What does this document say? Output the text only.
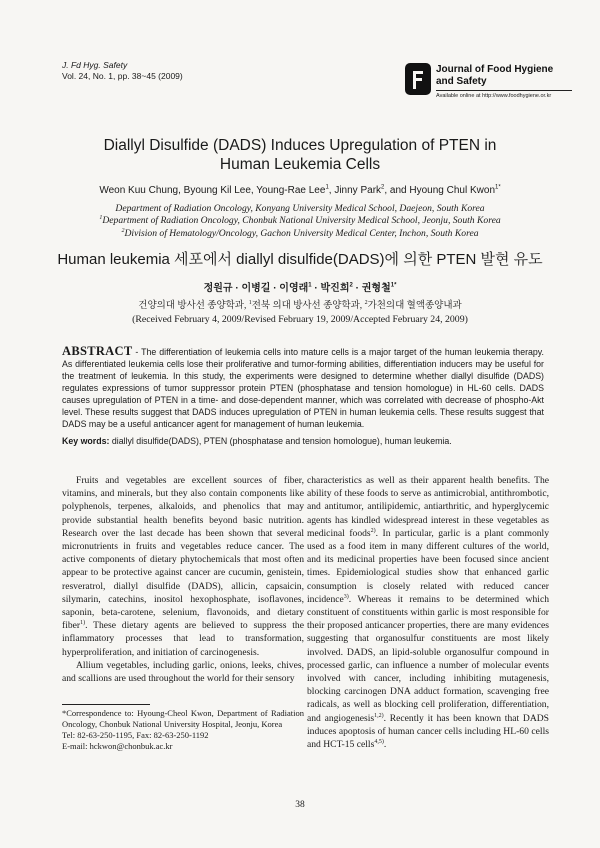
J. Fd Hyg. Safety
Vol. 24, No. 1, pp. 38~45 (2009)
Journal of Food Hygiene
and Safety
Available online at http://www.foodhygiene.or.kr
Diallyl Disulfide (DADS) Induces Upregulation of PTEN in
Human Leukemia Cells
Weon Kuu Chung, Byoung Kil Lee, Young-Rae Lee$^1$, Jinny Park$^2$, and Hyoung Chul Kwon$^{1*}$
Department of Radiation Oncology, Konyang University Medical School, Daejeon, South Korea
$^1$Department of Radiation Oncology, Chonbuk National University Medical School, Jeonju, South Korea
$^2$Division of Hematology/Oncology, Gachon University Medical Center, Inchon, South Korea
Human leukemia 세포에서 diallyl disulfide(DADS)에 의한 PTEN 발현 유도
정원규 · 이병길 · 이영래$^1$ · 박진희$^2$ · 권형철$^{1*}$
건양의대 방사선 종양학과, $^1$전북 의대 방사선 종양학과, $^2$가천의대 혈액종양내과
(Received February 4, 2009/Revised February 19, 2009/Accepted February 24, 2009)
ABSTRACT - The differentiation of leukemia cells into mature cells is a major target of the human leukemia therapy. As differentiated leukemia cells lose their proliferative and tumor-forming abilities, differentiation inducers may be useful for the treatment of leukemia. In this study, the experiments were designed to determine whether diallyl disulfide (DADS) regulates expressions of tumor suppressor protein PTEN (phosphatase and tension homologue) in HL-60 cells. DADS causes upregulation of PTEN in a time- and dose-dependent manner, which was correlated with decrease of phospho-Akt level. These results suggest that DADS induces upregulation of PTEN in human leukemia cells. These results suggest that DADS may be a useful anticancer agent for management of human leukemia.
Key words: diallyl disulfide(DADS), PTEN (phosphatase and tension homologue), human leukemia.

Fruits and vegetables are excellent sources of fiber, vitamins, and minerals, but they also contain components like polyphenols, terpenes, alkaloids, and phenolics that may provide substantial health benefits beyond basic nutrition. Research over the last decade has been shown that several micronutrients in fruits and vegetables reduce cancer. The active components of dietary phytochemicals that most often appear to be protective against cancer are cucumin, genistein, resveratrol, diallyl disulfide (DADS), allicin, capsaicin, silymarin, catechins, inositol hexophosphate, isoflavones, saponin, beta-carotene, selenium, flavonoids, and dietary fiber$^{1)}$. These dietary agents are believed to suppress the inflammatory processes that lead to transformation, hyperproliferation, and initiation of carcinogenesis.

Allium vegetables, including garlic, onions, leeks, chives, and scallions are used throughout the world for their sensory

characteristics as well as their apparent health benefits. The ability of these foods to serve as antimicrobial, antithrombotic, and antitumor, antilipidemic, antiarthritic, and hyperglycemic agents has kindled widespread interest in these vegetables as medicinal foods$^{2)}$. In particular, garlic is a plant commonly used as a food item in many different cultures of the world, and its medicinal properties have been focused since ancient times. Epidemiological studies show that enhanced garlic consumption is closely related with reduced cancer incidence$^{3)}$. Whereas it remains to be determined which constituent of constituents within garlic is most responsible for their proposed anticancer properties, there are many evidences suggesting that organosulfur constituents are most likely involved. DADS, an lipid-soluble organosulfur compound in processed garlic, can influence a number of molecular events involved with cancer, including inhibiting mutagenesis, blocking carcinogen DNA adduct formation, scavenging free radicals, as well as blocking cell proliferation, differentiation, and angiogenesis$^{1,2)}$. Recently it has been known that DADS induces apoptosis of human cancer cells including HL-60 cells and HCT-15 cells$^{4,5)}$.

*Correspondence to: Hyoung-Cheol Kwon, Department of Radiation Oncology, Chonbuk National University Hospital, Jeonju, Korea
Tel: 82-63-250-1195, Fax: 82-63-250-1192
E-mail: hckwon@chonbuk.ac.kr
38
